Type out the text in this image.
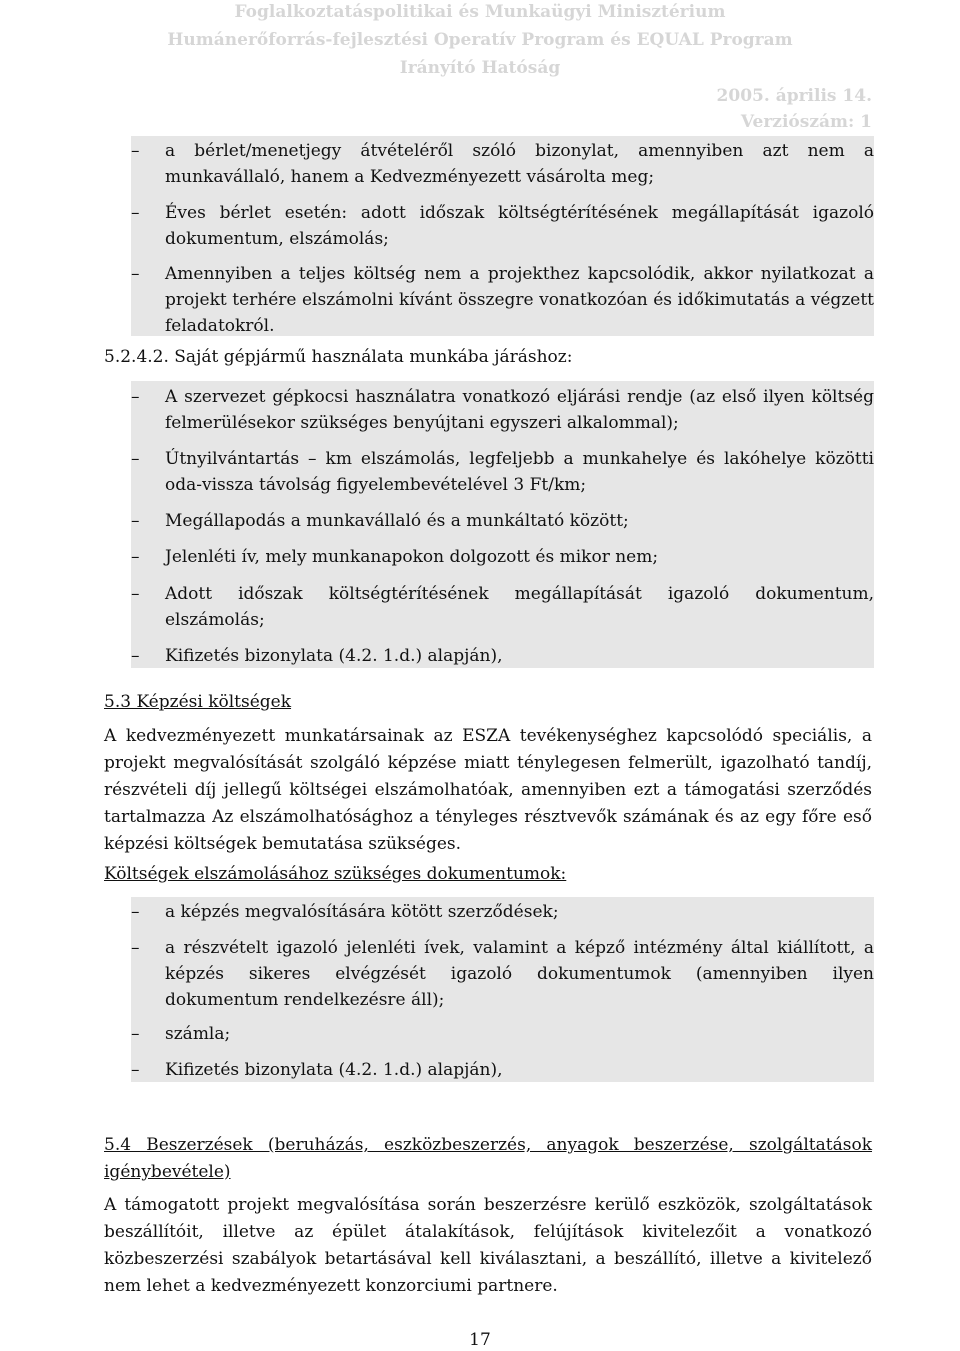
Foglalkoztatáspolitikai és Munkaügyi Minisztérium
Humánerőforrás-fejlesztési Operatív Program és EQUAL Program
Irányító Hatóság
2005. április 14.
Verziószám: 1
–	a bérlet/menetjegy átvételéről szóló bizonylat, amennyiben azt nem a munkavállaló, hanem a Kedvezményezett vásárolta meg;
–	Éves bérlet esetén: adott időszak költségtérítésének megállapítását igazoló dokumentum, elszámolás;
–	Amennyiben a teljes költség nem a projekthez kapcsolódik, akkor nyilatkozat a projekt terhére elszámolni kívánt összegre vonatkozóan és időkimutatás a végzett feladatokról.
5.2.4.2. Saját gépjármű használata munkába járáshoz:
–	A szervezet gépkocsi használatra vonatkozó eljárási rendje (az első ilyen költség felmerülésekor szükséges benyújtani egyszeri alkalommal);
–	Útnyilvántartás – km elszámolás, legfeljebb a munkahelye és lakóhelye közötti oda-vissza távolság figyelembevételével 3 Ft/km;
–	Megállapodás a munkavállaló és a munkáltató között;
–	Jelenléti ív, mely munkanapokon dolgozott és mikor nem;
–	Adott időszak költségtérítésének megállapítását igazoló dokumentum, elszámolás;
–	Kifizetés bizonylata (4.2. 1.d.) alapján),
5.3 Képzési költségek
A kedvezményezett munkatársainak az ESZA tevékenységhez kapcsolódó speciális, a projekt megvalósítását szolgáló képzése miatt ténylegesen felmerült, igazolható tandíj, részvételi díj jellegű költségei elszámolhatóak, amennyiben ezt a támogatási szerződés tartalmazza Az elszámolhatósághoz a tényleges résztvevők számának és az egy főre eső képzési költségek bemutatása szükséges.
Költségek elszámolásához szükséges dokumentumok:
–	a képzés megvalósítására kötött szerződések;
–	a részvételt igazoló jelenléti ívek, valamint a képző intézmény által kiállított, a képzés sikeres elvégzését igazoló dokumentumok (amennyiben ilyen dokumentum rendelkezésre áll);
–	számla;
–	Kifizetés bizonylata (4.2. 1.d.) alapján),
5.4 Beszerzések (beruházás, eszközbeszerzés, anyagok beszerzése, szolgáltatások igénybevétele)
A támogatott projekt megvalósítása során beszerzésre kerülő eszközök, szolgáltatások beszállítóit, illetve az épület átalakítások, felújítások kivitelezőit a vonatkozó közbeszerzési szabályok betartásával kell kiválasztani, a beszállító, illetve a kivitelező nem lehet a kedvezményezett konzorciumi partnere.
17
